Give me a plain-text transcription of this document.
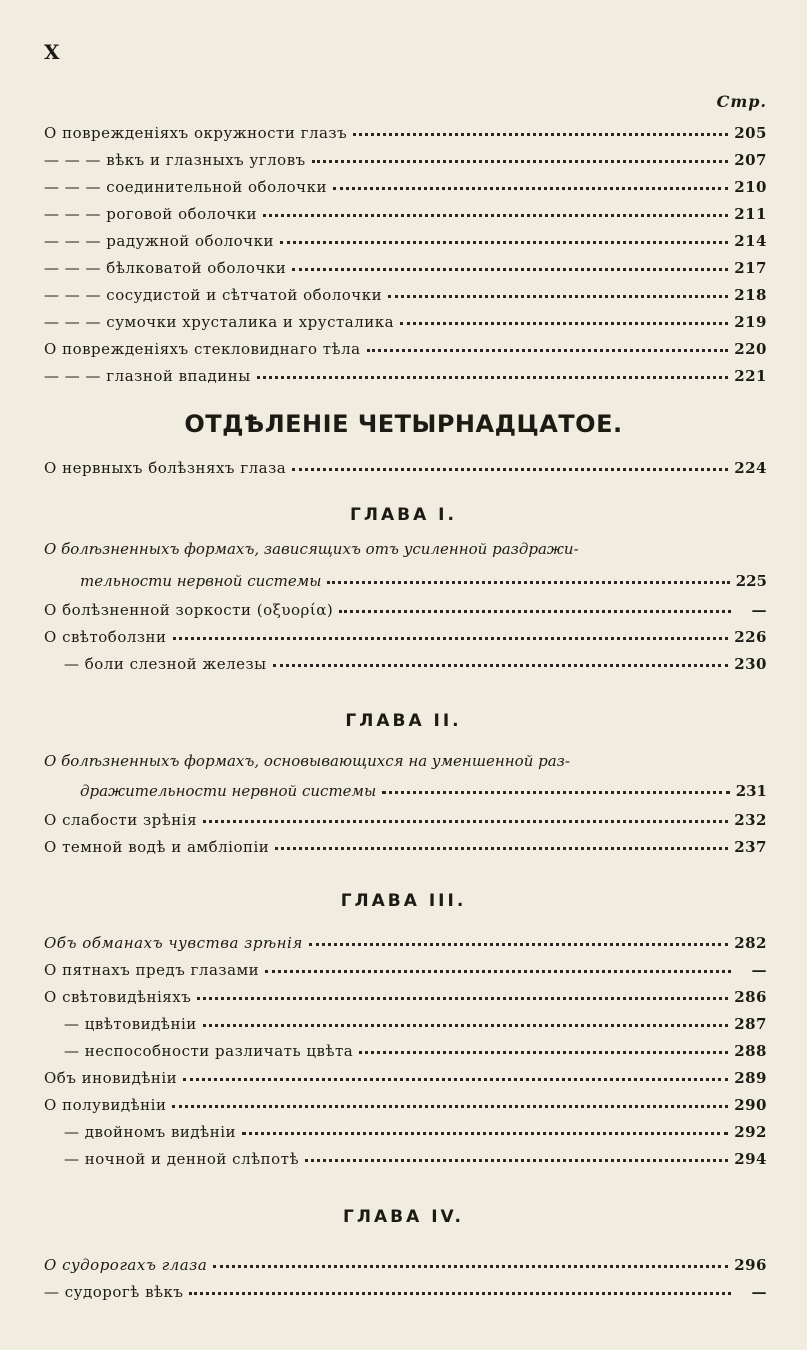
X
Стр.
О поврежденіяхъ окружности глазъ	205
— — — вѣкъ и глазныхъ угловъ	207
— — — соединительной оболочки	210
— — — роговой оболочки	211
— — — радужной оболочки	214
— — — бѣлковатой оболочки	217
— — — сосудистой и сѣтчатой оболочки	218
— — — сумочки хрусталика и хрусталика	219
О поврежденіяхъ стекловиднаго тѣла	220
— — — глазной впадины	221
ОТДѢЛЕНІЕ ЧЕТЫРНАДЦАТОЕ.
О нервныхъ болѣзняхъ глаза	224
ГЛАВА I.
О болѣзненныхъ формахъ, зависящихъ отъ усиленной раздражи-
тельности нервной системы	225
О болѣзненной зоркости (οξυορία)	—
О свѣтоболзни	226
— боли слезной железы	230
ГЛАВА II.
О болѣзненныхъ формахъ, основывающихся на уменшенной раз-
дражительности нервной системы	231
О слабости зрѣнія	232
О темной водѣ и амбліопіи	237
ГЛАВА III.
Объ обманахъ чувства зрѣнія	282
О пятнахъ предъ глазами	—
О свѣтовидѣніяхъ	286
— цвѣтовидѣніи	287
— неспособности различать цвѣта	288
Объ иновидѣніи	289
О полувидѣніи	290
— двойномъ видѣніи	292
— ночной и денной слѣпотѣ	294
ГЛАВА IV.
О судорогахъ глаза	296
— судорогѣ вѣкъ	—
